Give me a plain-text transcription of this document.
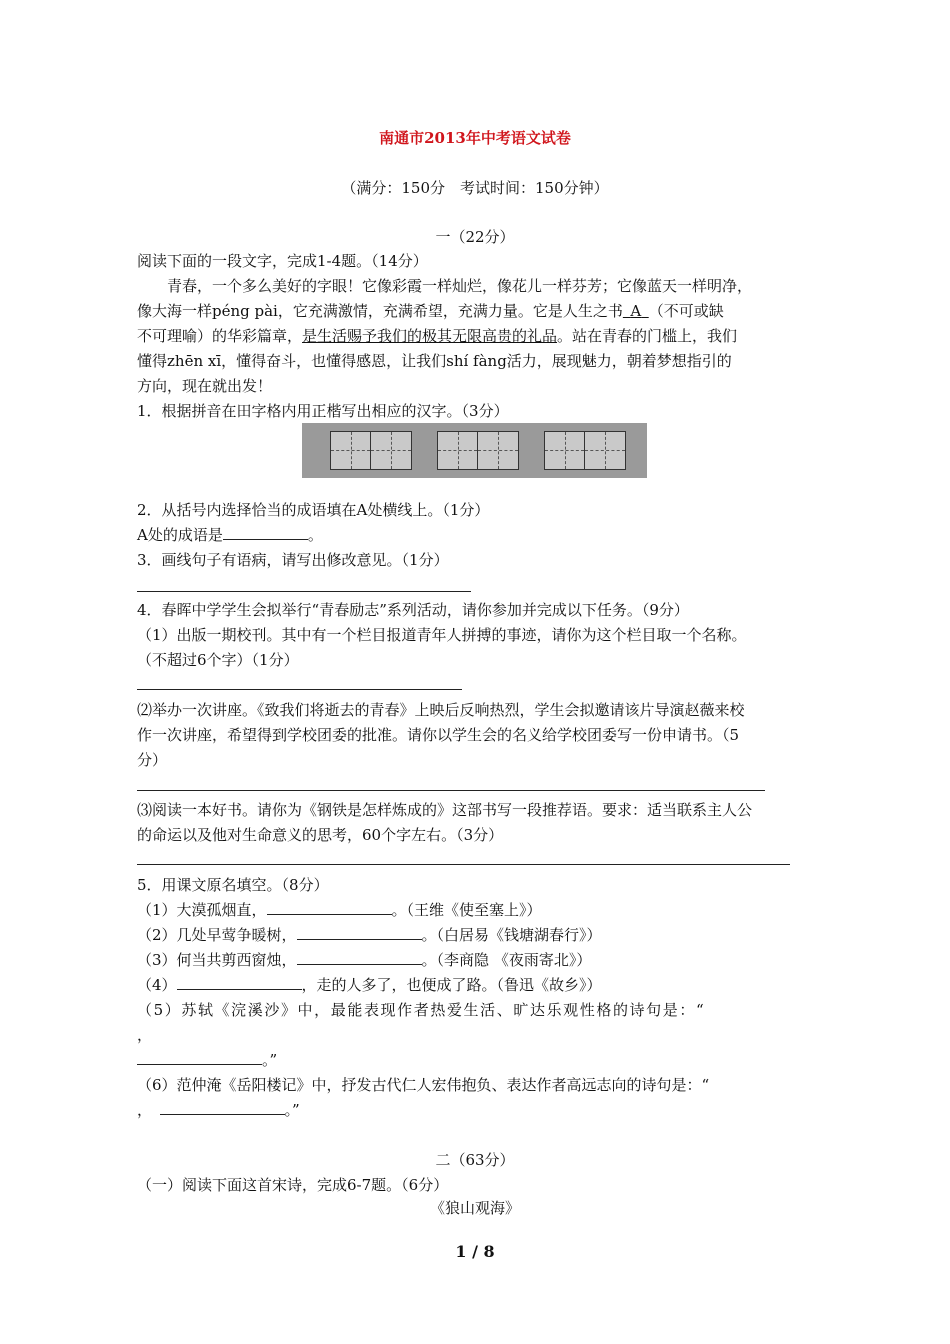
南通市2013年中考语文试卷
（满分：150分　考试时间：150分钟）
一（22分）
阅读下面的一段文字，完成1-4题。（14分）
青春，一个多么美好的字眼！它像彩霞一样灿烂，像花儿一样芬芳；它像蓝天一样明净，
像大海一样péng pài，它充满激情，充满希望，充满力量。它是人生之书  A  （不可或缺
不可理喻）的华彩篇章，是生活赐予我们的极其无限高贵的礼品。站在青春的门槛上，我们
懂得zhēn xī，懂得奋斗，也懂得感恩，让我们shí fàng活力，展现魅力，朝着梦想指引的
方向，现在就出发！
1．根据拼音在田字格内用正楷写出相应的汉字。（3分）
2．从括号内选择恰当的成语填在A处横线上。（1分）
A处的成语是	。
3．画线句子有语病，请写出修改意见。（1分）
4．春晖中学学生会拟举行“青春励志”系列活动，请你参加并完成以下任务。（9分）
（1）出版一期校刊。其中有一个栏目报道青年人拼搏的事迹，请你为这个栏目取一个名称。
（不超过6个字）（1分）
⑵举办一次讲座。《致我们将逝去的青春》上映后反响热烈，学生会拟邀请该片导演赵薇来校
作一次讲座，希望得到学校团委的批准。请你以学生会的名义给学校团委写一份申请书。（5
分）
⑶阅读一本好书。请你为《钢铁是怎样炼成的》这部书写一段推荐语。要求：适当联系主人公
的命运以及他对生命意义的思考，60个字左右。（3分）
5．用课文原名填空。（8分）
（1）大漠孤烟直，	。（王维《使至塞上》）
（2）几处早莺争暖树，	。（白居易《钱塘湖春行》）
（3）何当共剪西窗烛，	。（李商隐 《夜雨寄北》）
（4）	，走的人多了，也便成了路。（鲁迅《故乡》）
（5）苏轼《浣溪沙》中，最能表现作者热爱生活、旷达乐观性格的诗句是：“
，
。”
（6）范仲淹《岳阳楼记》中，抒发古代仁人宏伟抱负、表达作者高远志向的诗句是：“
， 	。”
二（63分）
（一）阅读下面这首宋诗，完成6-7题。（6分）
《狼山观海》
1 / 8
